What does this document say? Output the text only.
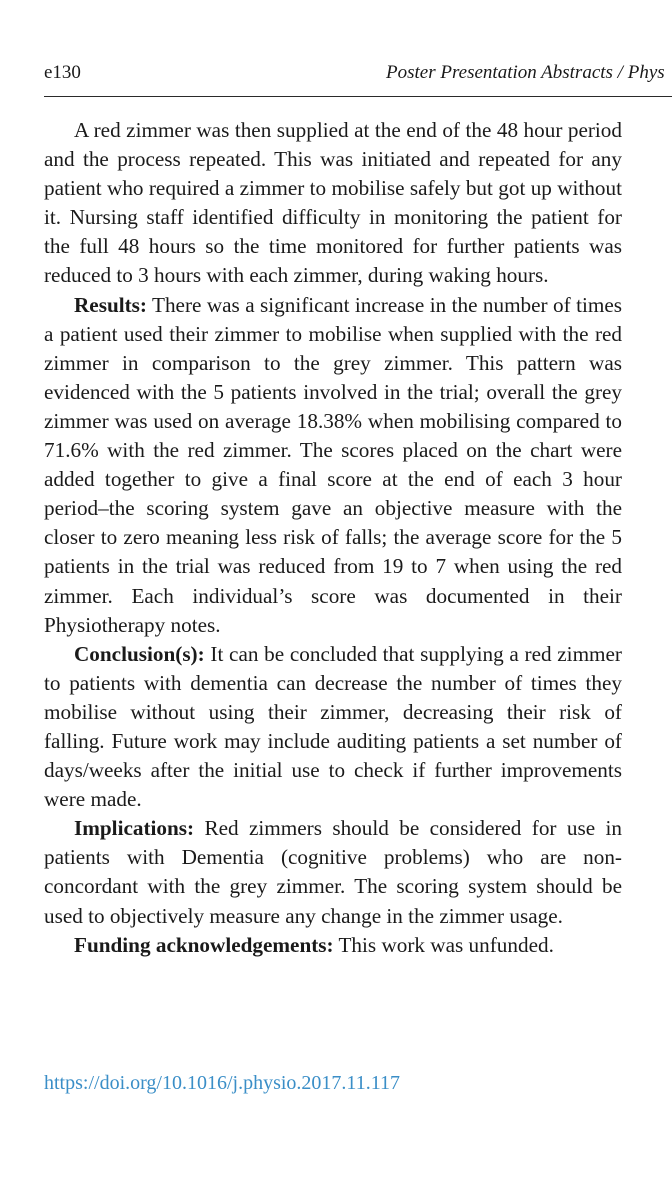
e130	Poster Presentation Abstracts / Phys

A red zimmer was then supplied at the end of the 48 hour period and the process repeated. This was initiated and repeated for any patient who required a zimmer to mobilise safely but got up without it. Nursing staff identified difficulty in monitoring the patient for the full 48 hours so the time monitored for further patients was reduced to 3 hours with each zimmer, during waking hours.

Results: There was a significant increase in the number of times a patient used their zimmer to mobilise when supplied with the red zimmer in comparison to the grey zimmer. This pattern was evidenced with the 5 patients involved in the trial; overall the grey zimmer was used on average 18.38% when mobilising compared to 71.6% with the red zimmer. The scores placed on the chart were added together to give a final score at the end of each 3 hour period–the scoring system gave an objective measure with the closer to zero meaning less risk of falls; the average score for the 5 patients in the trial was reduced from 19 to 7 when using the red zimmer. Each individual’s score was documented in their Physiotherapy notes.

Conclusion(s): It can be concluded that supplying a red zimmer to patients with dementia can decrease the number of times they mobilise without using their zimmer, decreasing their risk of falling. Future work may include auditing patients a set number of days/weeks after the initial use to check if further improvements were made.

Implications: Red zimmers should be considered for use in patients with Dementia (cognitive problems) who are non-concordant with the grey zimmer. The scoring system should be used to objectively measure any change in the zimmer usage.

Funding acknowledgements: This work was unfunded.

https://doi.org/10.1016/j.physio.2017.11.117
